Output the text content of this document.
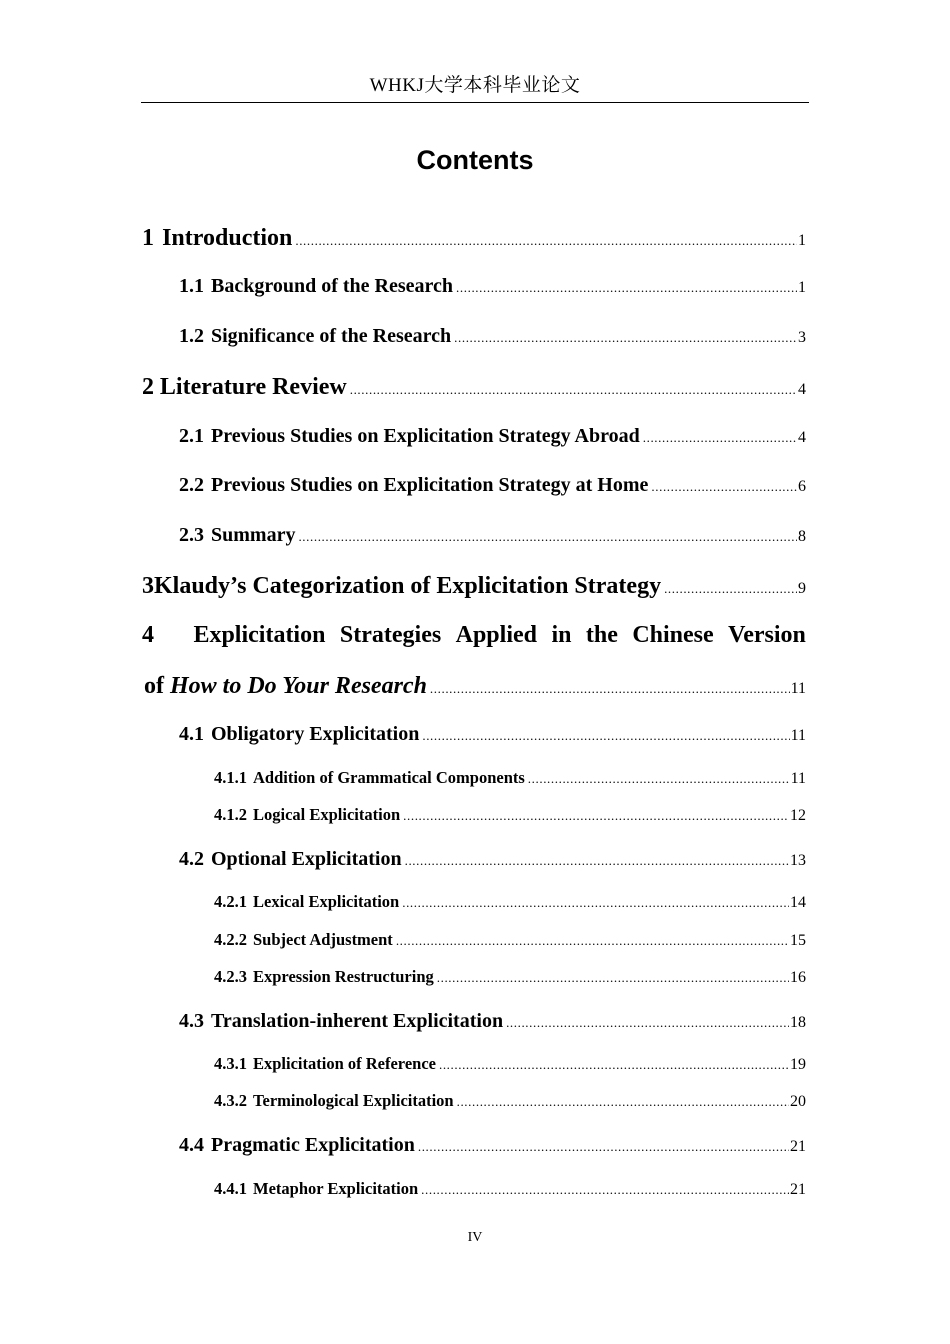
WHKJ大学本科毕业论文
Contents
1 Introduction .....	1
1.1 Background of the Research .....	1
1.2 Significance of the Research .....	3
2 Literature Review .....	4
2.1 Previous Studies on Explicitation Strategy Abroad .....	4
2.2 Previous Studies on Explicitation Strategy at Home .....	6
2.3 Summary .....	8
3 Klaudy’s Categorization of Explicitation Strategy .....	9
4	Explicitation Strategies Applied in the Chinese Version
of How to Do Your Research .....	11
4.1 Obligatory Explicitation .....	11
4.1.1 Addition of Grammatical Components .....	11
4.1.2 Logical Explicitation .....	12
4.2 Optional Explicitation .....	13
4.2.1 Lexical Explicitation .....	14
4.2.2 Subject Adjustment .....	15
4.2.3 Expression Restructuring .....	16
4.3 Translation-inherent Explicitation .....	18
4.3.1 Explicitation of Reference .....	19
4.3.2 Terminological Explicitation .....	20
4.4 Pragmatic Explicitation .....	21
4.4.1 Metaphor Explicitation .....	21
IV
